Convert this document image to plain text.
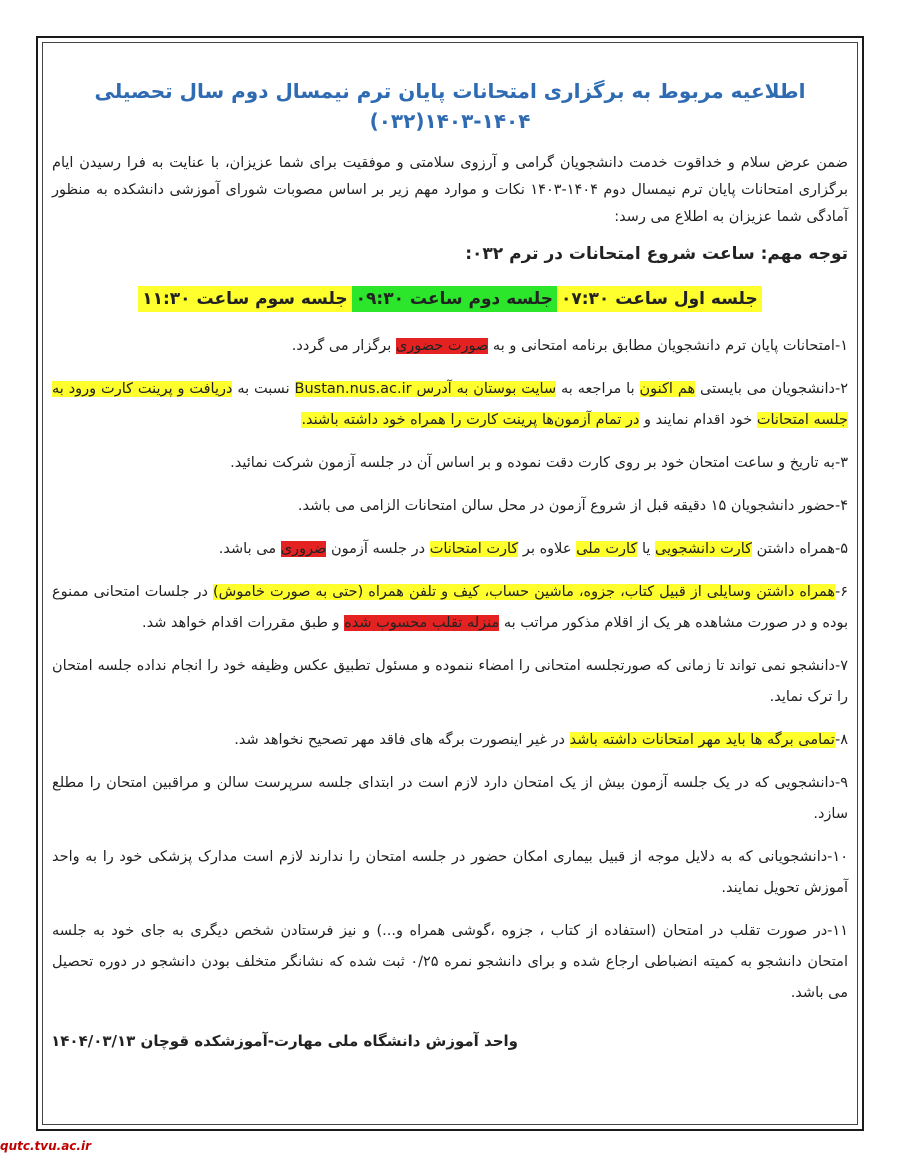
اطلاعیه مربوط به برگزاری امتحانات پایان ترم نیمسال دوم سال تحصیلی ۱۴۰۴-۱۴۰۳(۰۳۲)

ضمن عرض سلام و خداقوت خدمت دانشجویان گرامی و آرزوی سلامتی و موفقیت برای شما عزیزان، با عنایت به فرا رسیدن ایام برگزاری امتحانات پایان ترم نیمسال دوم ۱۴۰۴-۱۴۰۳ نکات و موارد مهم زیر بر اساس مصوبات شورای آموزشی دانشکده به منظور آمادگی شما عزیزان به اطلاع می رسد:

توجه مهم: ساعت شروع امتحانات در ترم ۰۳۲:
جلسه اول ساعت ۰۷:۳۰جلسه دوم ساعت ۰۹:۳۰جلسه سوم ساعت ۱۱:۳۰

۱-امتحانات پایان ترم دانشجویان مطابق برنامه امتحانی و به صورت حضوری برگزار می گردد.

۲-دانشجویان می بایستی هم اکنون با مراجعه به سایت بوستان به آدرس Bustan.nus.ac.ir نسبت به دریافت و پرینت کارت ورود به جلسه امتحانات خود اقدام نمایند و در تمام آزمون‌ها پرینت کارت را همراه خود داشته باشند.

۳-به تاریخ و ساعت امتحان خود بر روی کارت دقت نموده و بر اساس آن در جلسه آزمون شرکت نمائید.

۴-حضور دانشجویان ۱۵ دقیقه قبل از شروع آزمون در محل سالن امتحانات الزامی می باشد.

۵-همراه داشتن کارت دانشجویی یا کارت ملی علاوه بر کارت امتحانات در جلسه آزمون ضروری می باشد.

۶-همراه داشتن وسایلی از قبیل کتاب، جزوه، ماشین حساب، کیف و تلفن همراه (حتی به صورت خاموش) در جلسات امتحانی ممنوع بوده و در صورت مشاهده هر یک از اقلام مذکور مراتب به منزله تقلب محسوب شده و طبق مقررات اقدام خواهد شد.

۷-دانشجو نمی تواند تا زمانی که صورتجلسه امتحانی را امضاء ننموده و مسئول تطبیق عکس وظیفه خود را انجام نداده جلسه امتحان را ترک نماید.

۸-تمامی برگه ها باید مهر امتحانات داشته باشد در غیر اینصورت برگه های فاقد مهر تصحیح نخواهد شد.

۹-دانشجویی که در یک جلسه آزمون بیش از یک امتحان دارد لازم است در ابتدای جلسه سرپرست سالن و مراقبین امتحان را مطلع سازد.

۱۰-دانشجویانی که به دلایل موجه از قبیل بیماری امکان حضور در جلسه امتحان را ندارند لازم است مدارک پزشکی خود را به واحد آموزش تحویل نمایند.

۱۱-در صورت تقلب در امتحان (استفاده از کتاب ، جزوه ،گوشی همراه و...) و نیز فرستادن شخص دیگری به جای خود به جلسه امتحان دانشجو به کمیته انضباطی ارجاع شده و برای دانشجو نمره ۰/۲۵ ثبت شده که نشانگر متخلف بودن دانشجو در دوره تحصیل می باشد.

واحد آموزش دانشگاه ملی مهارت-آموزشکده قوچان ۱۴۰۴/۰۳/۱۳
qutc.tvu.ac.ir
